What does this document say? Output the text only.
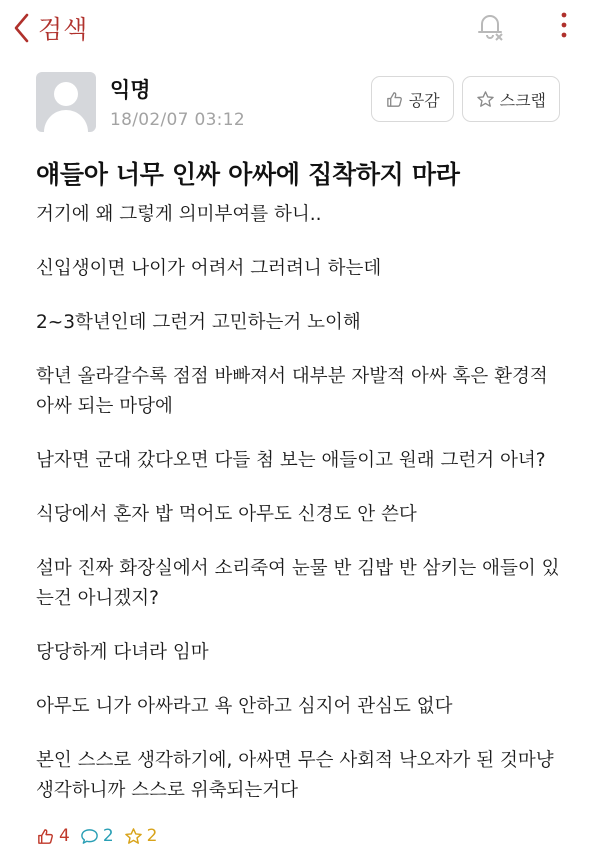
검색
익명
18/02/07 03:12
공감	스크랩
얘들아 너무 인싸 아싸에 집착하지 마라

거기에 왜 그렇게 의미부여를 하니..

신입생이면 나이가 어려서 그러려니 하는데

2~3학년인데 그런거 고민하는거 노이해

학년 올라갈수록 점점 바빠져서 대부분 자발적 아싸 혹은 환경적 아싸 되는 마당에

남자면 군대 갔다오면 다들 첨 보는 애들이고 원래 그런거 아녀?

식당에서 혼자 밥 먹어도 아무도 신경도 안 쓴다

설마 진짜 화장실에서 소리죽여 눈물 반 김밥 반 삼키는 애들이 있는건 아니겠지?

당당하게 다녀라 임마

아무도 니가 아싸라고 욕 안하고 심지어 관심도 없다

본인 스스로 생각하기에, 아싸면 무슨 사회적 낙오자가 된 것마냥 생각하니까 스스로 위축되는거다

4 2 2
